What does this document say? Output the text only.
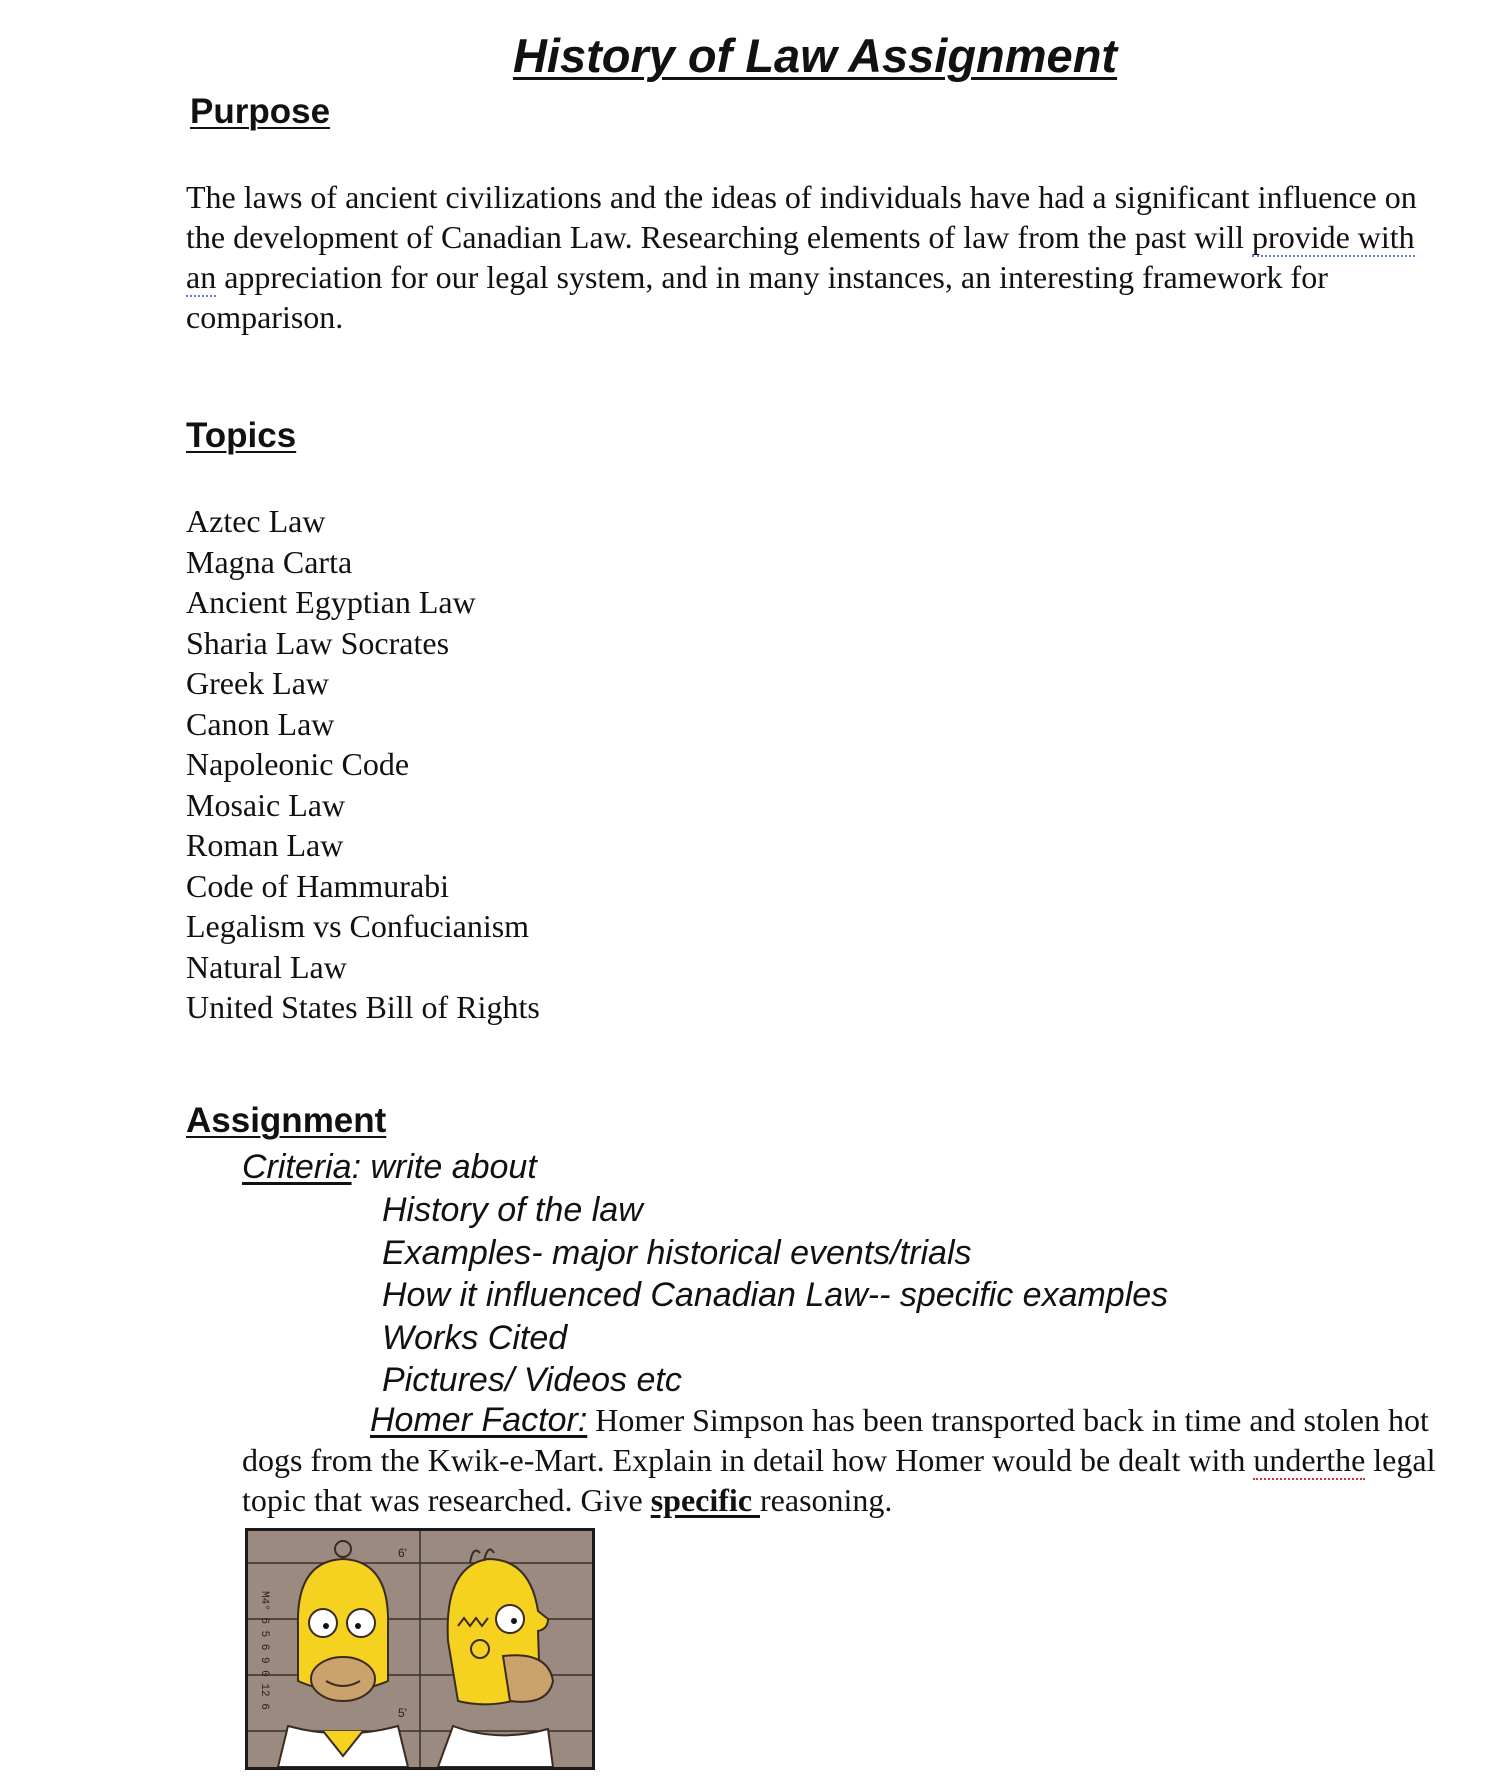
History of Law Assignment
Purpose

The laws of ancient civilizations and the ideas of individuals have had a significant influence on the development of Canadian Law. Researching elements of law from the past will provide with an appreciation for our legal system, and in many instances, an interesting framework for comparison.

Topics
Aztec Law
Magna Carta
Ancient Egyptian Law
Sharia Law Socrates
Greek Law
Canon Law
Napoleonic Code
Mosaic Law
Roman Law
Code of Hammurabi
Legalism vs Confucianism
Natural Law
United States Bill of Rights
Assignment

Criteria: write about

History of the law
Examples- major historical events/trials
How it influenced Canadian Law-- specific examples
Works Cited
Pictures/ Videos etc

Homer Factor: Homer Simpson has been transported back in time and stolen hot dogs from the Kwik-e-Mart. Explain in detail how Homer would be dealt with underthe legal topic that was researched. Give specific reasoning.

6'
5'
M4° 6 5 6 9 0 12 6
